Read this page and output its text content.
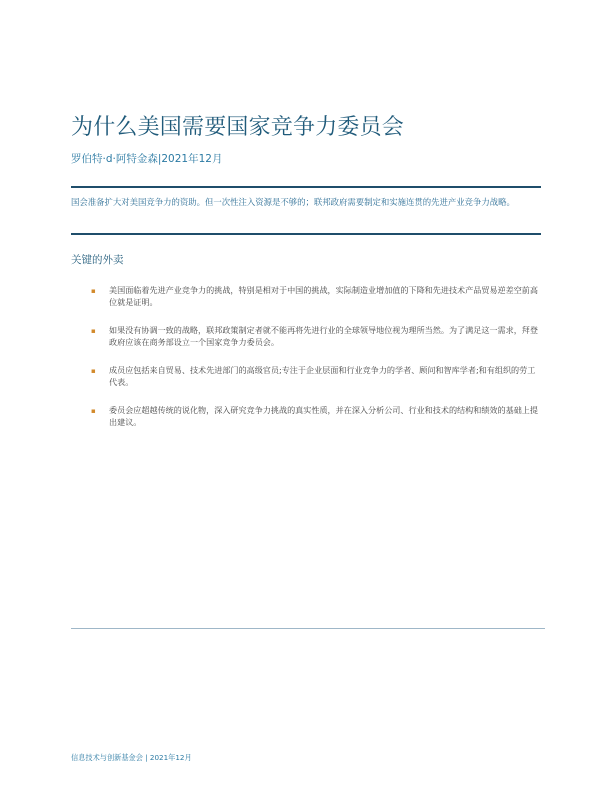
为什么美国需要国家竞争力委员会
罗伯特·d·阿特金森|2021年12月
国会准备扩大对美国竞争力的资助。但一次性注入资源是不够的；联邦政府需要制定和实施连贯的先进产业竞争力战略。
关键的外卖
▪ 美国面临着先进产业竞争力的挑战，特别是相对于中国的挑战，实际制造业增加值的下降和先进技术产品贸易逆差空前高位就是证明。
▪ 如果没有协调一致的战略，联邦政策制定者就不能再将先进行业的全球领导地位视为理所当然。为了满足这一需求，拜登政府应该在商务部设立一个国家竞争力委员会。
▪ 成员应包括来自贸易、技术先进部门的高级官员;专注于企业层面和行业竞争力的学者、顾问和智库学者;和有组织的劳工代表。
▪ 委员会应超越传统的说化物，深入研究竞争力挑战的真实性质，并在深入分析公司、行业和技术的结构和绩效的基础上提出建议。
信息技术与创新基金会 | 2021年12月
